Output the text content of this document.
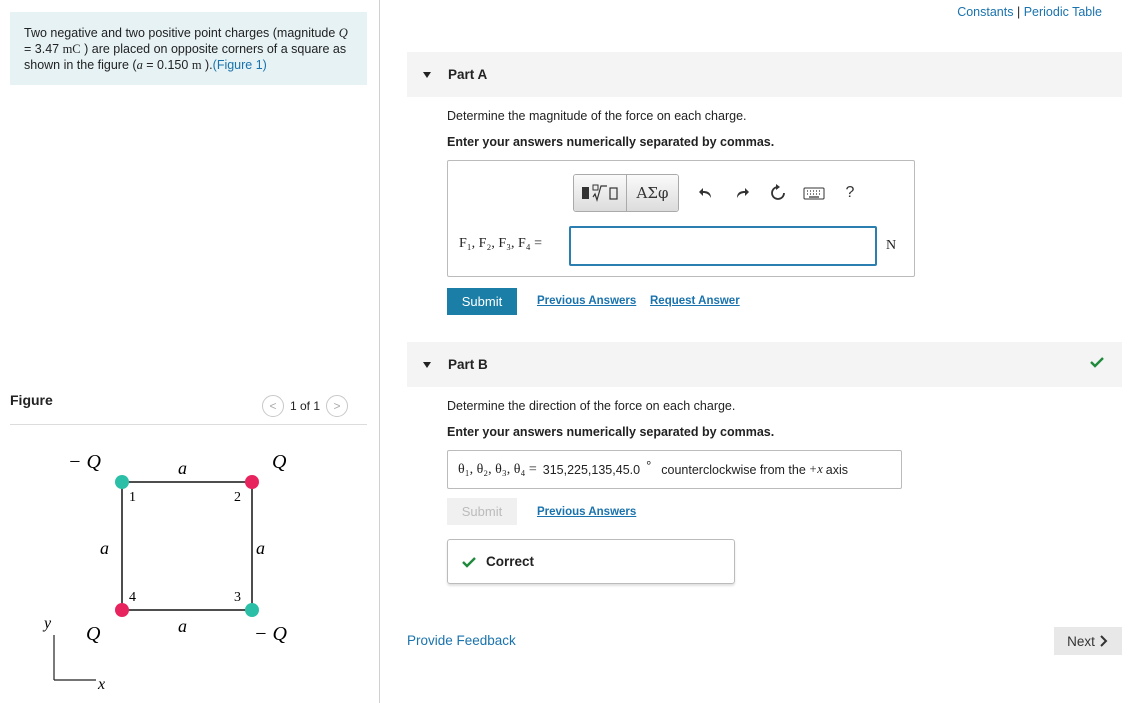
Two negative and two positive point charges (magnitude Q = 3.47 mC ) are placed on opposite corners of a square as shown in the figure (a = 0.150 m ).(Figure 1)
Figure	<	1 of 1	>
− Q	Q
a
a	a
a
1	2
3
4
Q	− Q
y
x
Constants | Periodic Table
Part A
Determine the magnitude of the force on each charge.
Enter your answers numerically separated by commas.
ΑΣφ	?
F₁, F₂, F₃, F₄ =	N
Submit	Previous Answers Request Answer
Part B
Determine the direction of the force on each charge.
Enter your answers numerically separated by commas.
θ₁, θ₂, θ₃, θ₄ = 315,225,135,45.0 ° counterclockwise from the +x axis
Submit	Previous Answers
Correct
Provide Feedback	Next
